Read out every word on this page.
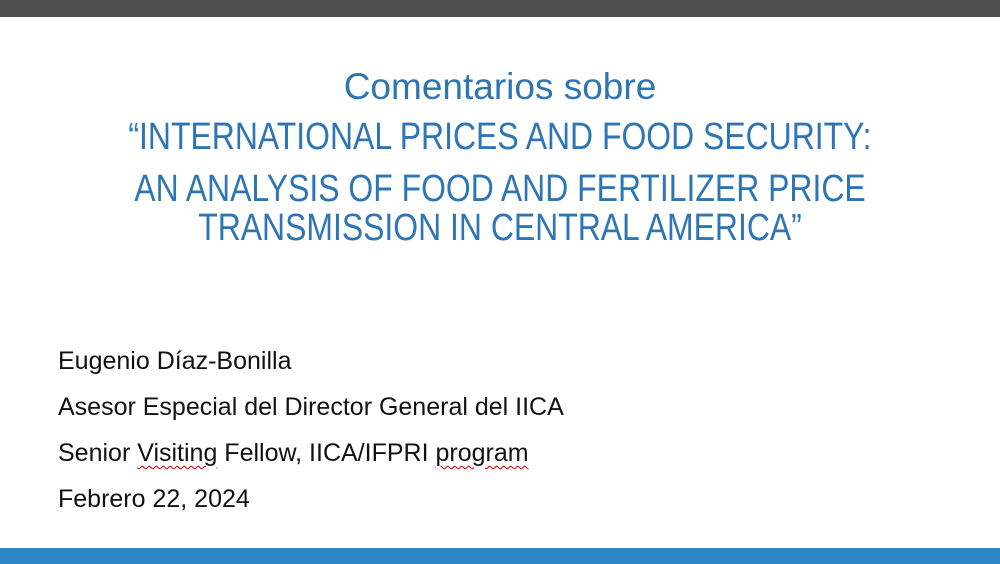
Comentarios sobre
“INTERNATIONAL PRICES AND FOOD SECURITY:
AN ANALYSIS OF FOOD AND FERTILIZER PRICE
TRANSMISSION IN CENTRAL AMERICA”

Eugenio Díaz-Bonilla

Asesor Especial del Director General del IICA

Senior Visiting Fellow, IICA/IFPRI program

Febrero 22, 2024
